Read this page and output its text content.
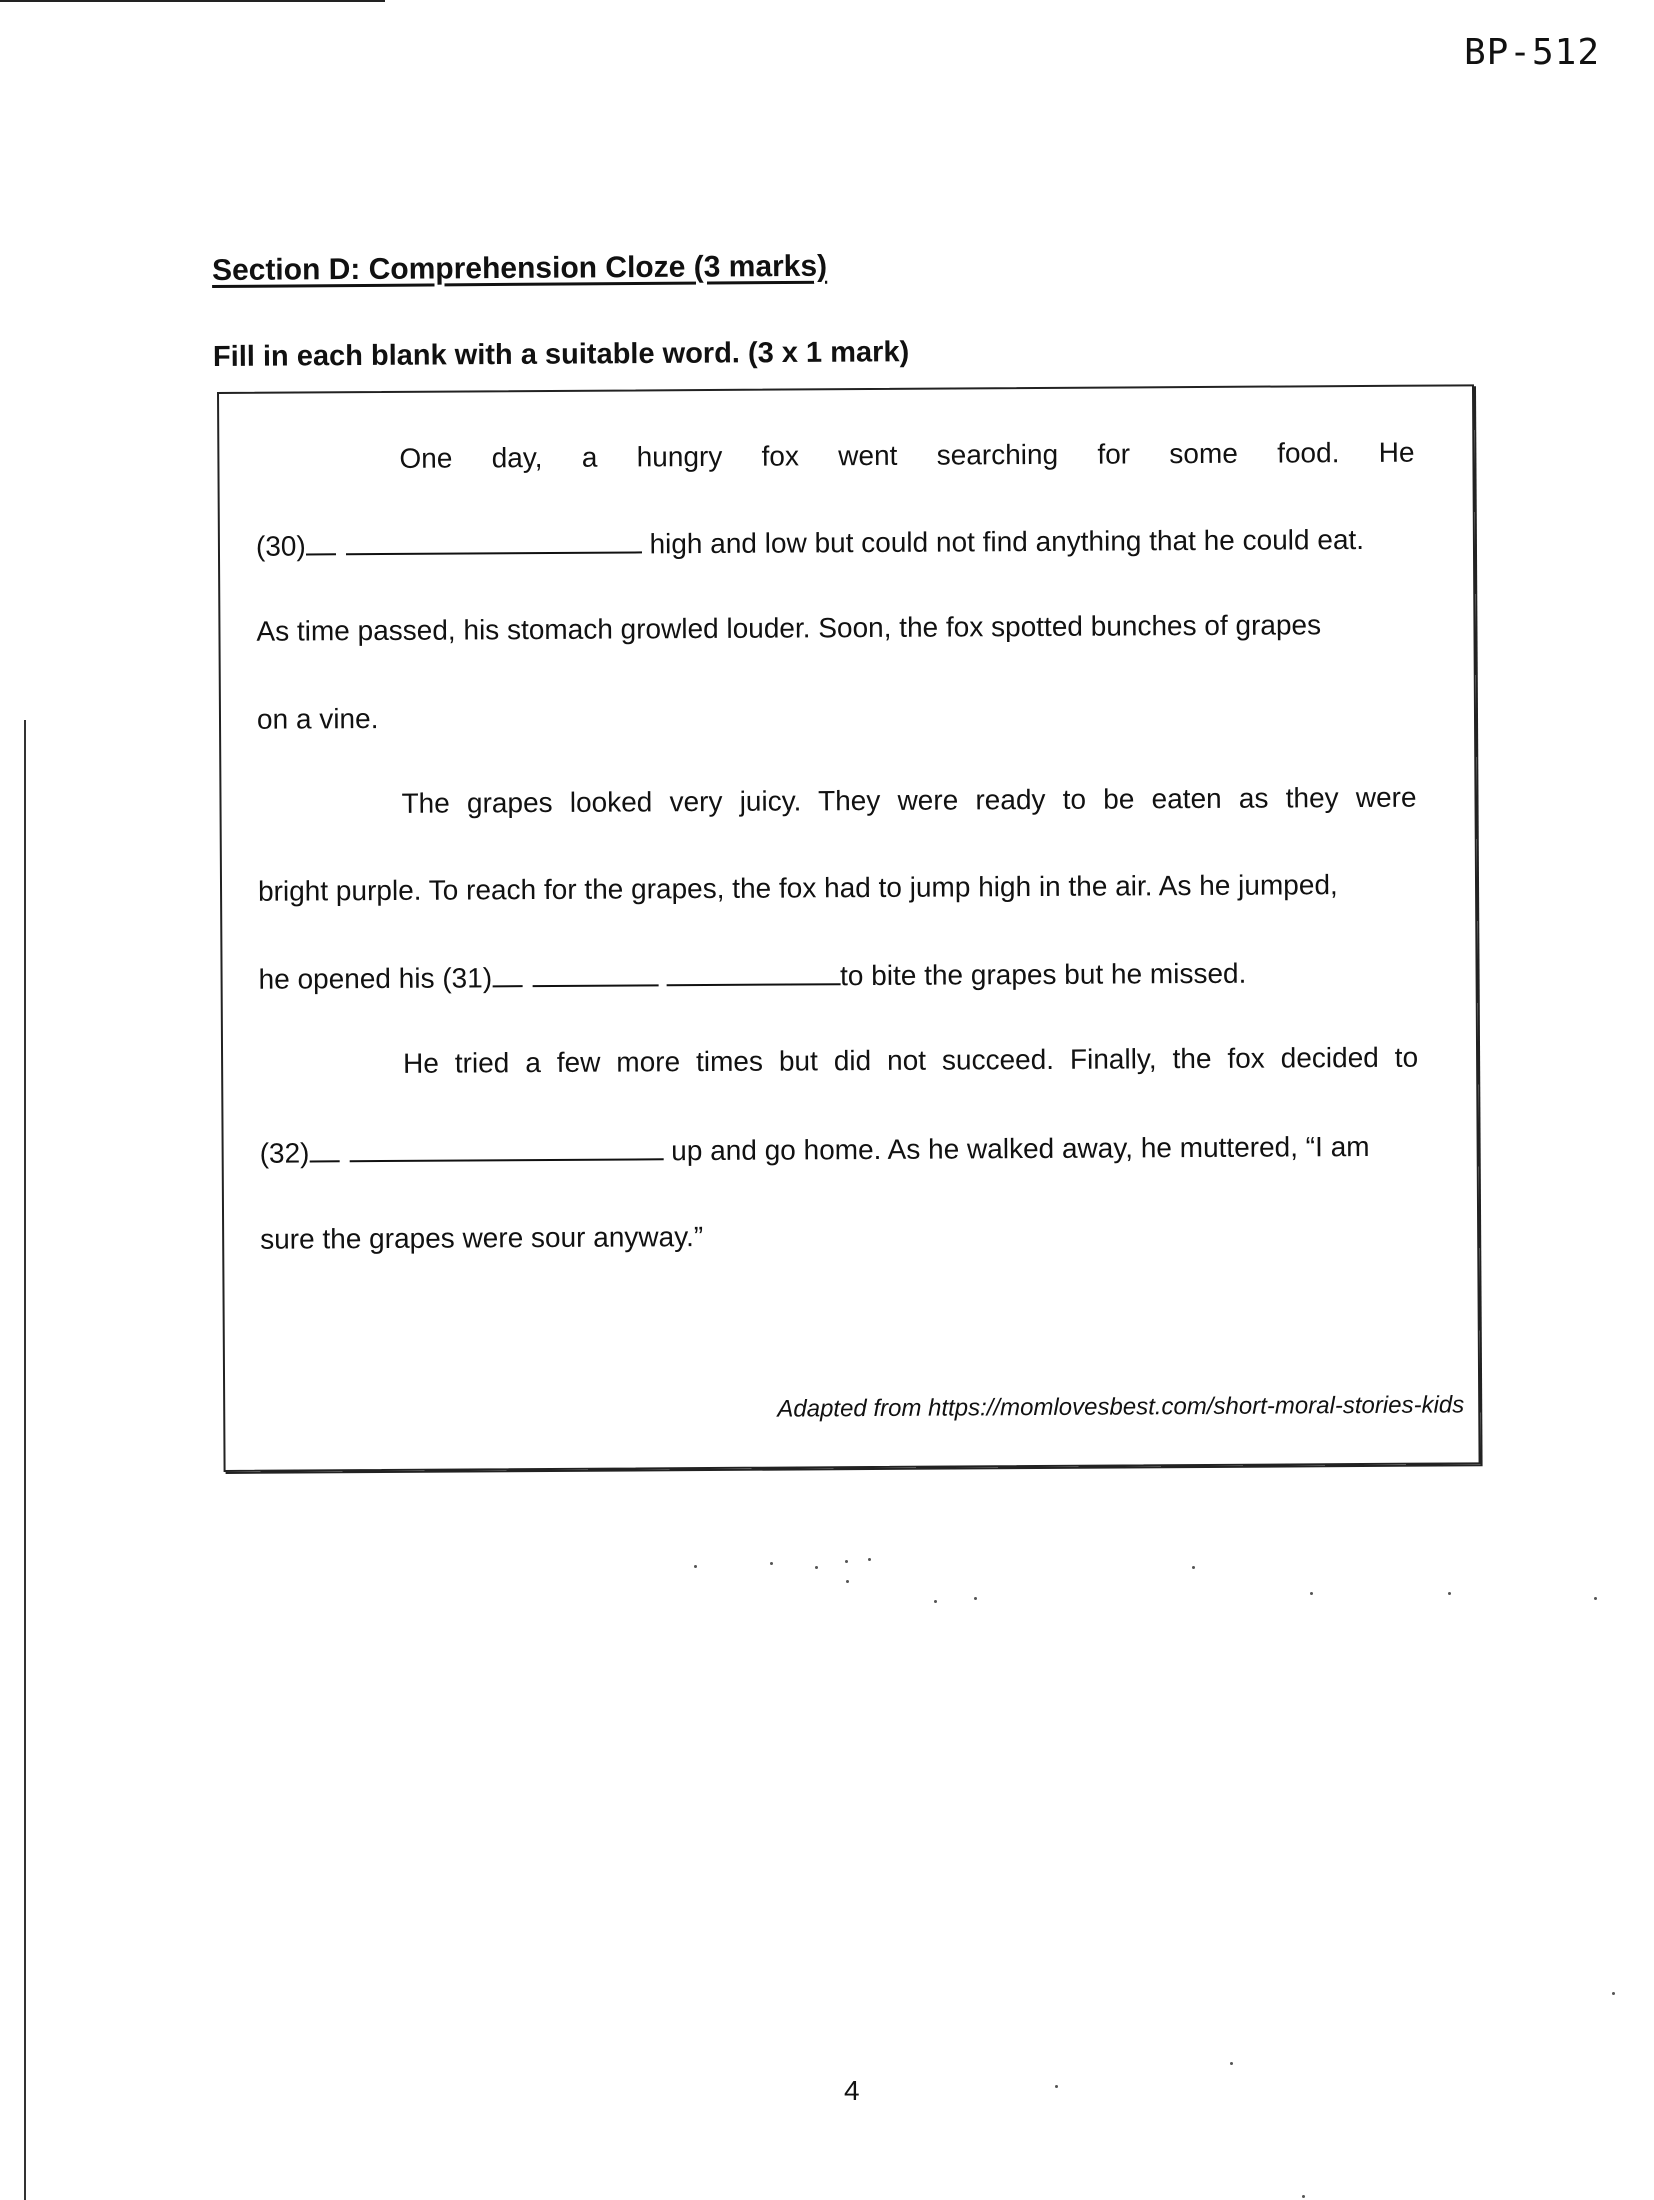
BP-512
Section D: Comprehension Cloze (3 marks)
Fill in each blank with a suitable word. (3 x 1 mark)
One day, a hungry fox went searching for some food. He
(30)	high and low but could not find anything that he could eat.
As time passed, his stomach growled louder. Soon, the fox spotted bunches of grapes
on a vine.
The grapes looked very juicy. They were ready to be eaten as they were
bright purple. To reach for the grapes, the fox had to jump high in the air. As he jumped,
he opened his (31)	to bite the grapes but he missed.
He tried a few more times but did not succeed. Finally, the fox decided to
(32)	up and go home. As he walked away, he muttered, “I am
sure the grapes were sour anyway.”
Adapted from https://momlovesbest.com/short-moral-stories-kids
4
